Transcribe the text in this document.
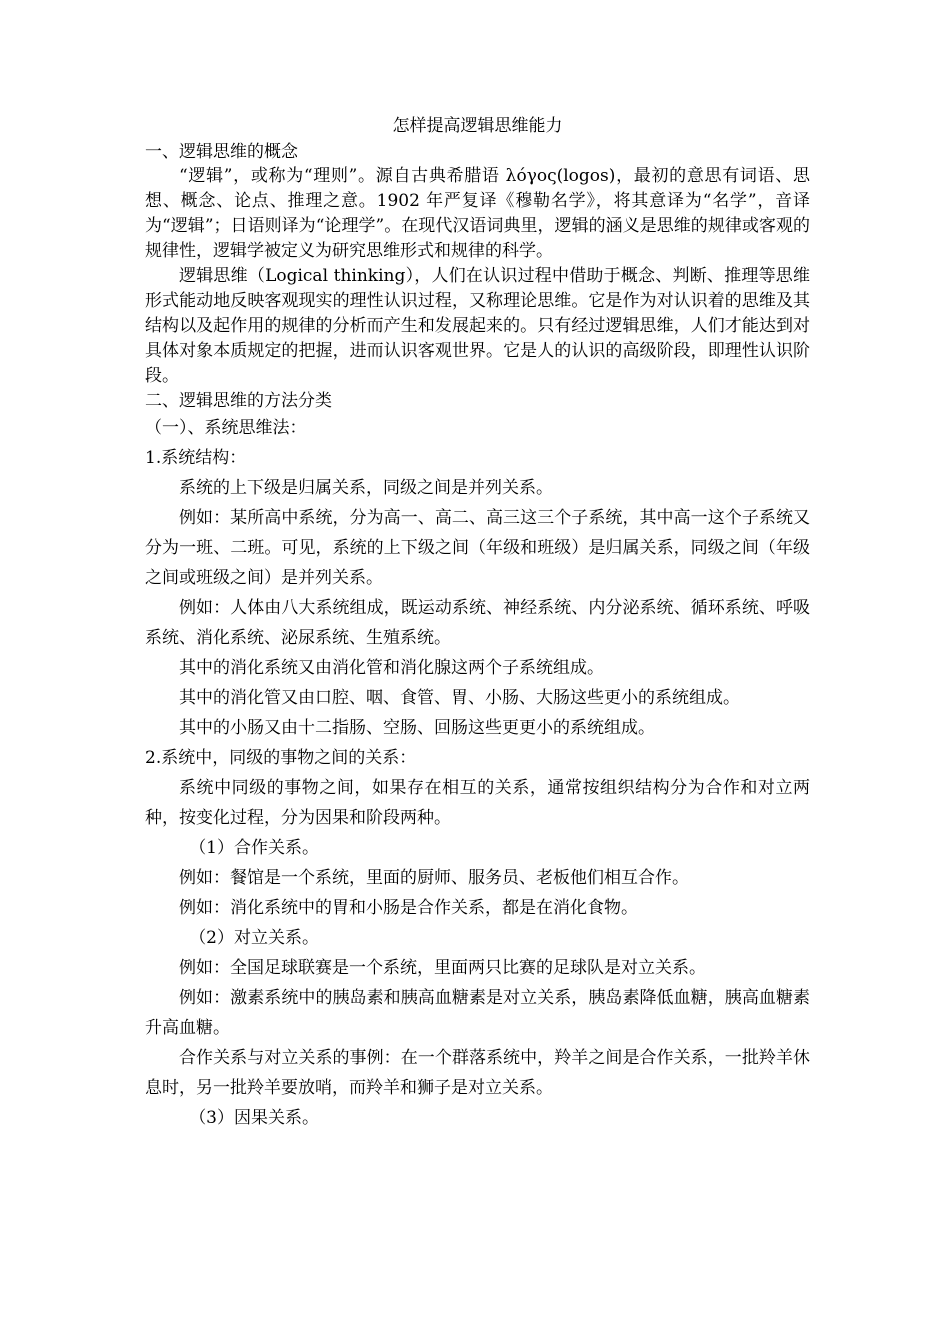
怎样提高逻辑思维能力

一、逻辑思维的概念

“逻辑”，或称为“理则”。源自古典希腊语 λόγος(logos)，最初的意思有词语、思想、概念、论点、推理之意。1902 年严复译《穆勒名学》，将其意译为“名学”，音译为“逻辑”；日语则译为“论理学”。在现代汉语词典里，逻辑的涵义是思维的规律或客观的规律性，逻辑学被定义为研究思维形式和规律的科学。

逻辑思维（Logical thinking），人们在认识过程中借助于概念、判断、推理等思维形式能动地反映客观现实的理性认识过程，又称理论思维。它是作为对认识着的思维及其结构以及起作用的规律的分析而产生和发展起来的。只有经过逻辑思维，人们才能达到对具体对象本质规定的把握，进而认识客观世界。它是人的认识的高级阶段，即理性认识阶段。

二、逻辑思维的方法分类

（一）、系统思维法：

1.系统结构：

系统的上下级是归属关系，同级之间是并列关系。

例如：某所高中系统，分为高一、高二、高三这三个子系统，其中高一这个子系统又分为一班、二班。可见，系统的上下级之间（年级和班级）是归属关系，同级之间（年级之间或班级之间）是并列关系。

例如：人体由八大系统组成，既运动系统、神经系统、内分泌系统、循环系统、呼吸系统、消化系统、泌尿系统、生殖系统。

其中的消化系统又由消化管和消化腺这两个子系统组成。

其中的消化管又由口腔、咽、食管、胃、小肠、大肠这些更小的系统组成。

其中的小肠又由十二指肠、空肠、回肠这些更更小的系统组成。

2.系统中，同级的事物之间的关系：

系统中同级的事物之间，如果存在相互的关系，通常按组织结构分为合作和对立两种，按变化过程，分为因果和阶段两种。

（1）合作关系。

例如：餐馆是一个系统，里面的厨师、服务员、老板他们相互合作。

例如：消化系统中的胃和小肠是合作关系，都是在消化食物。

（2）对立关系。

例如：全国足球联赛是一个系统，里面两只比赛的足球队是对立关系。

例如：激素系统中的胰岛素和胰高血糖素是对立关系，胰岛素降低血糖，胰高血糖素升高血糖。

合作关系与对立关系的事例：在一个群落系统中，羚羊之间是合作关系，一批羚羊休息时，另一批羚羊要放哨，而羚羊和狮子是对立关系。

（3）因果关系。
